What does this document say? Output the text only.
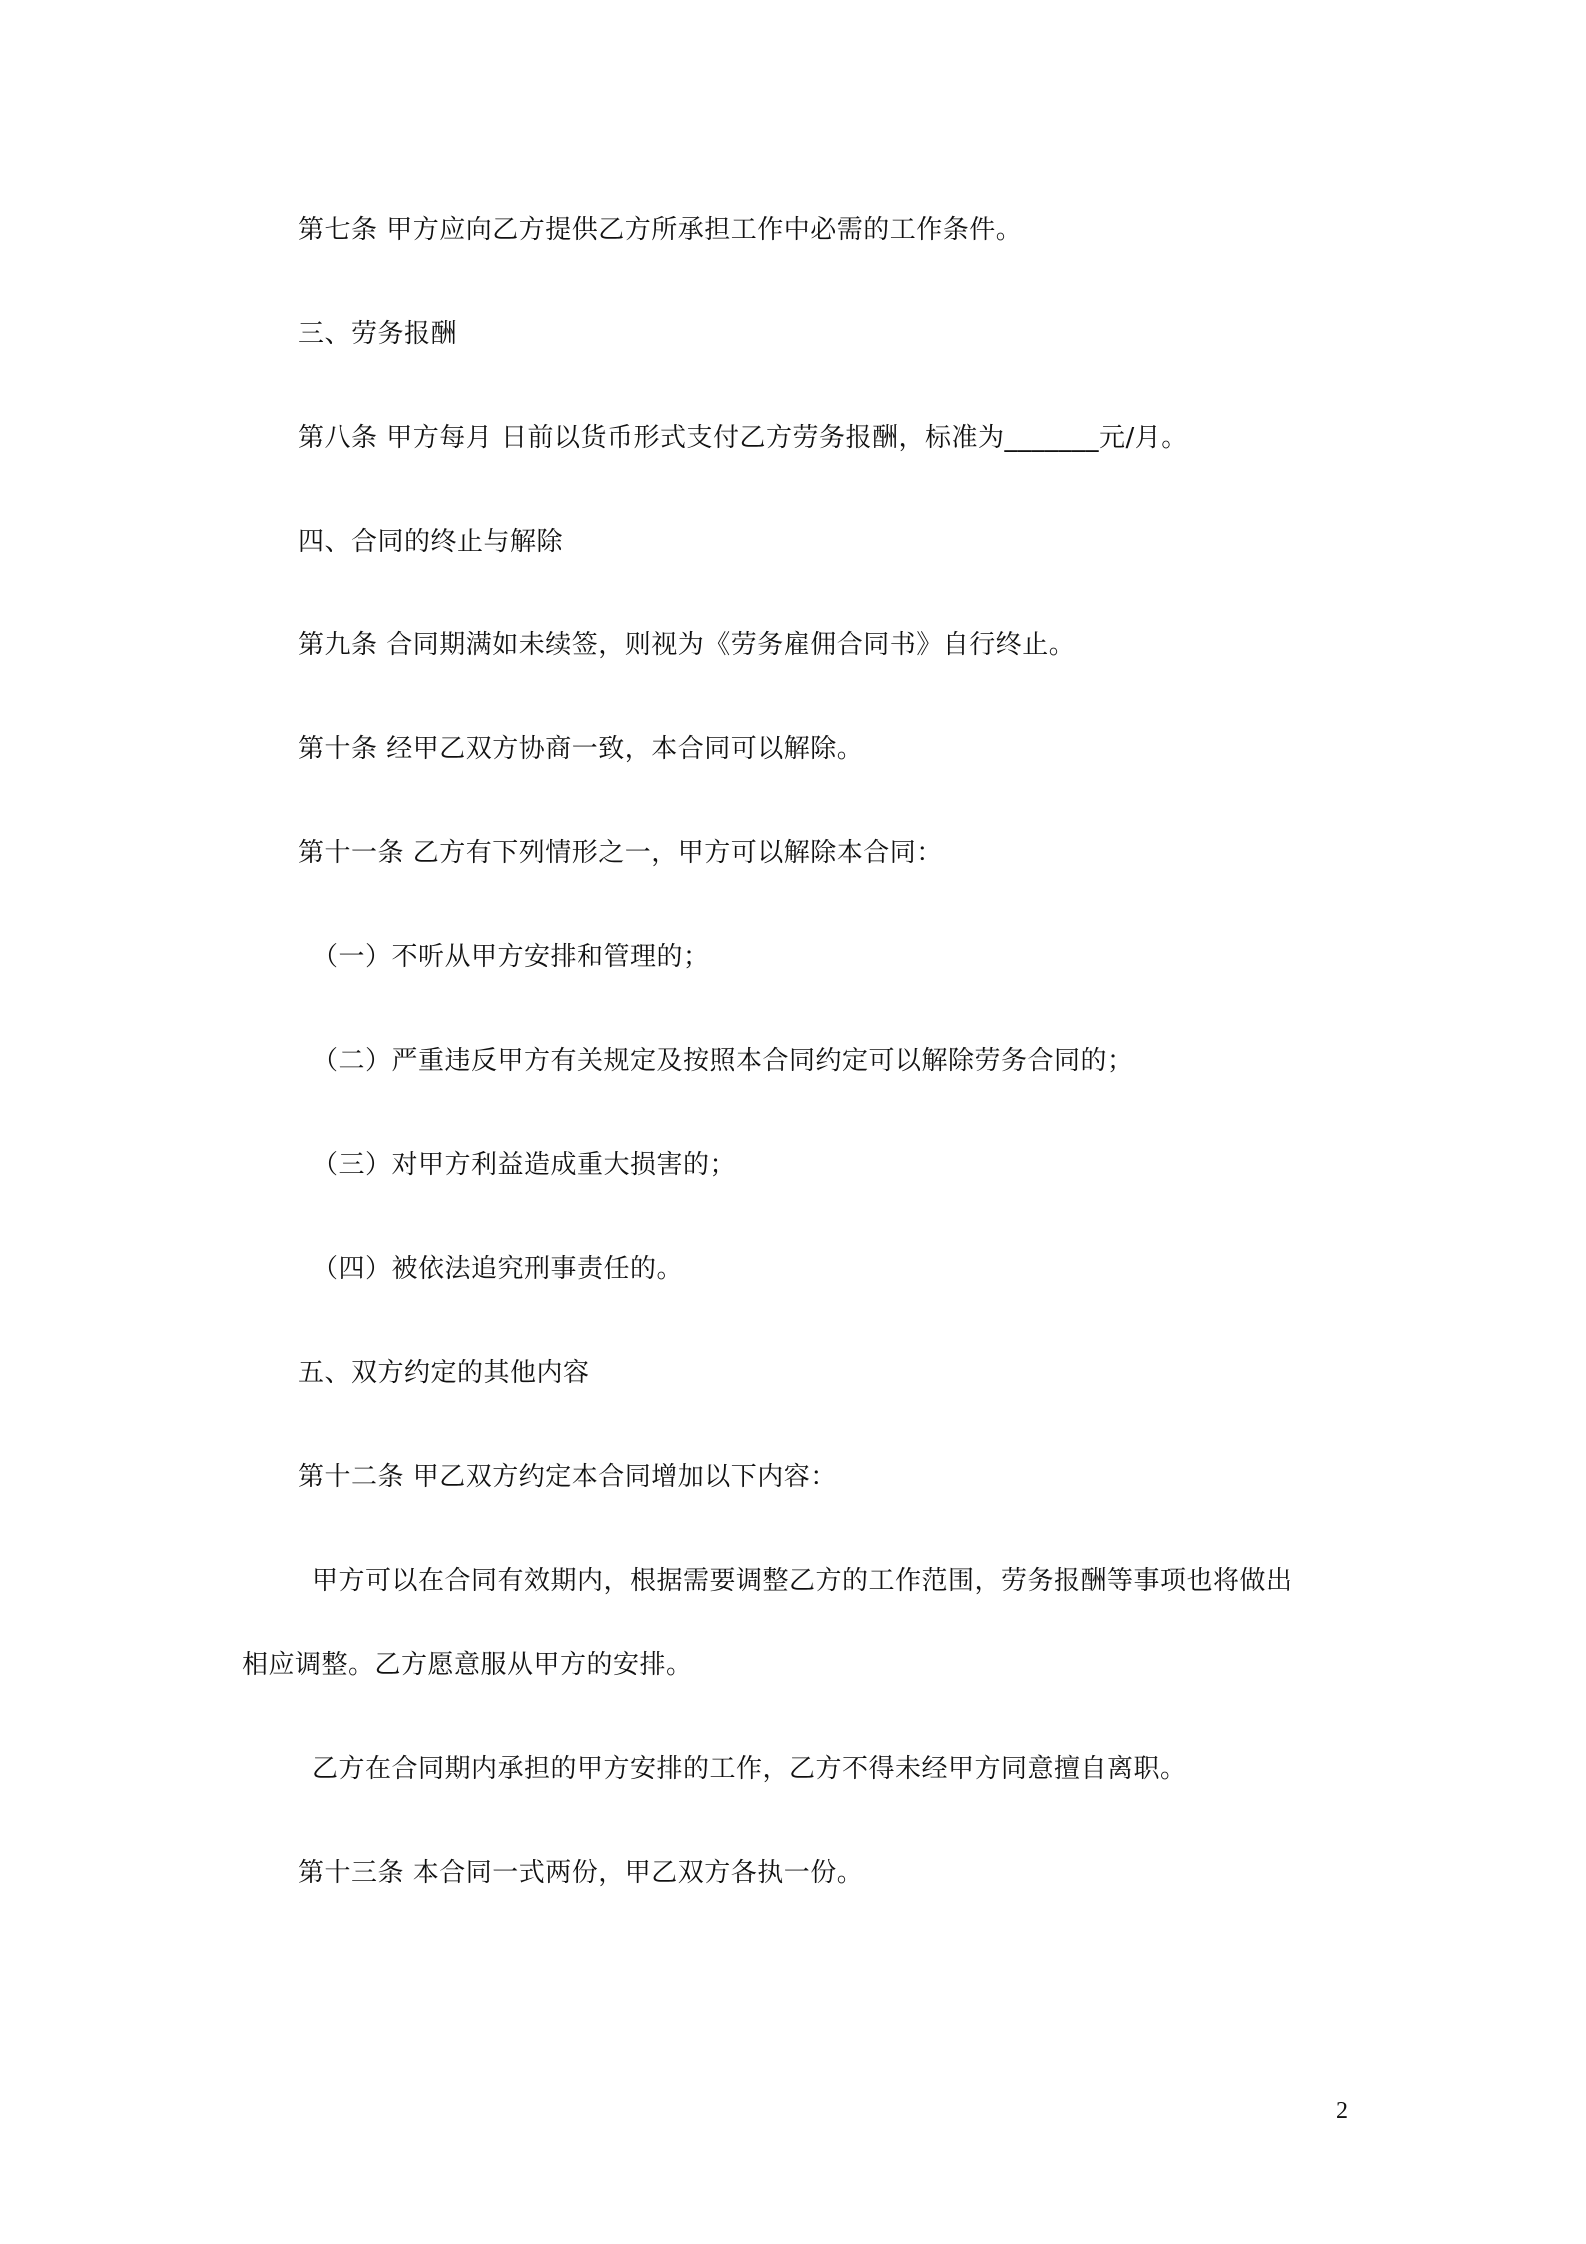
第七条 甲方应向乙方提供乙方所承担工作中必需的工作条件。
三、劳务报酬
第八条 甲方每月 日前以货币形式支付乙方劳务报酬，标准为_______元/月。
四、合同的终止与解除
第九条 合同期满如未续签，则视为《劳务雇佣合同书》自行终止。
第十条 经甲乙双方协商一致，本合同可以解除。
第十一条 乙方有下列情形之一，甲方可以解除本合同：
（一）不听从甲方安排和管理的；
（二）严重违反甲方有关规定及按照本合同约定可以解除劳务合同的；
（三）对甲方利益造成重大损害的；
（四）被依法追究刑事责任的。
五、双方约定的其他内容
第十二条 甲乙双方约定本合同增加以下内容：
甲方可以在合同有效期内，根据需要调整乙方的工作范围，劳务报酬等事项也将做出
相应调整。乙方愿意服从甲方的安排。
乙方在合同期内承担的甲方安排的工作，乙方不得未经甲方同意擅自离职。
第十三条 本合同一式两份，甲乙双方各执一份。
2
